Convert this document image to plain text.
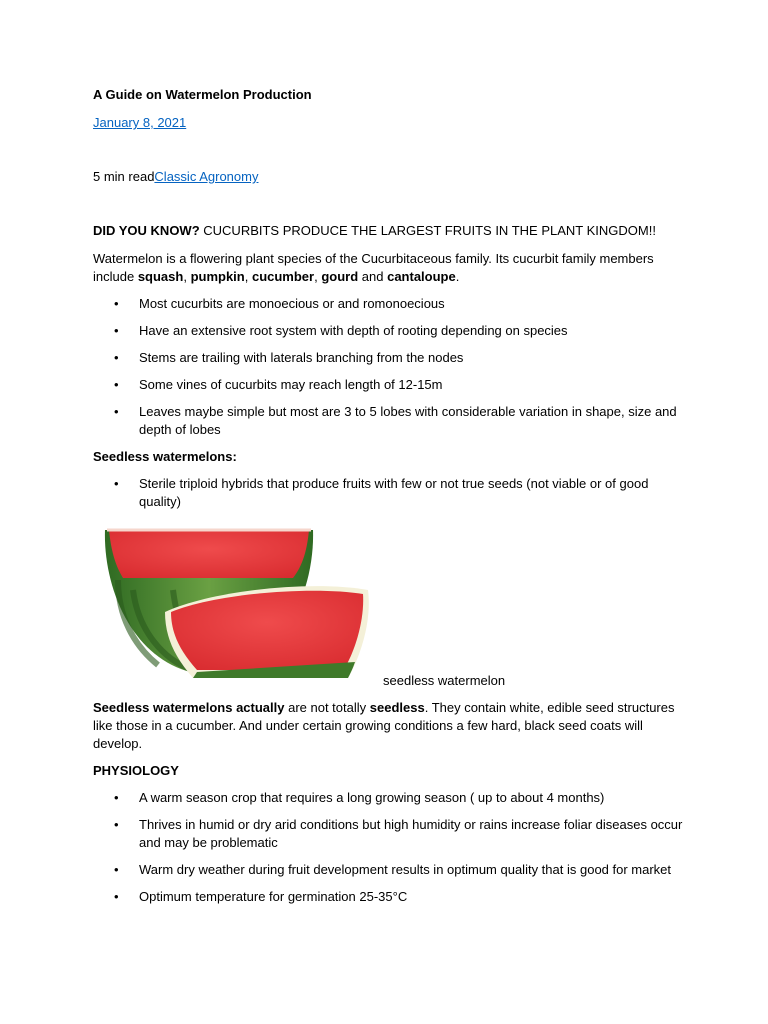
A Guide on Watermelon Production

January 8, 2021
5 min readClassic Agronomy

DID YOU KNOW? CUCURBITS PRODUCE THE LARGEST FRUITS IN THE PLANT KINGDOM!!

Watermelon is a flowering plant species of the Cucurbitaceous family. Its cucurbit family members include squash, pumpkin, cucumber, gourd and cantaloupe.

• Most cucurbits are monoecious or and romonoecious
• Have an extensive root system with depth of rooting depending on species
• Stems are trailing with laterals branching from the nodes
• Some vines of cucurbits may reach length of 12-15m
• Leaves maybe simple but most are 3 to 5 lobes with considerable variation in shape, size and depth of lobes

Seedless watermelons:

• Sterile triploid hybrids that produce fruits with few or not true seeds (not viable or of good quality)
seedless watermelon

Seedless watermelons actually are not totally seedless. They contain white, edible seed structures like those in a cucumber. And under certain growing conditions a few hard, black seed coats will develop.

PHYSIOLOGY

• A warm season crop that requires a long growing season ( up to about 4 months)
• Thrives in humid or dry arid conditions but high humidity or rains increase foliar diseases occur and may be problematic
• Warm dry weather during fruit development results in optimum quality that is good for market
• Optimum temperature for germination 25-35°C
